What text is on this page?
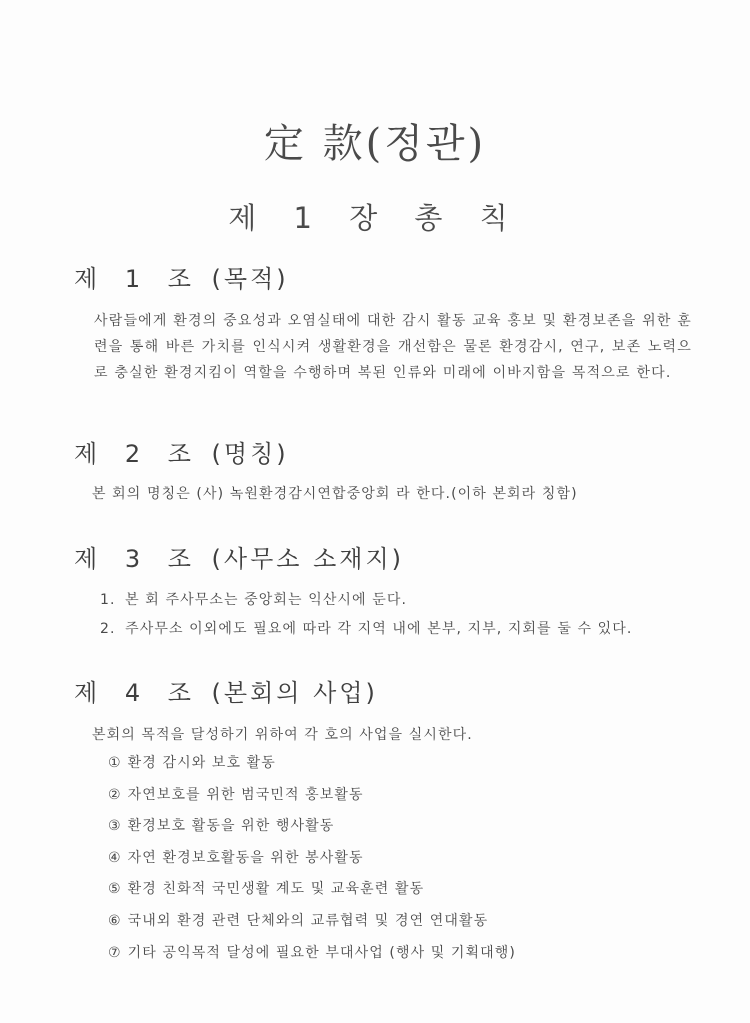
定 款(정관)
제 1 장 총 칙
제 1 조 (목적)

사람들에게 환경의 중요성과 오염실태에 대한 감시 활동 교육 홍보 및 환경보존을 위한 훈련을 통해 바른 가치를 인식시켜 생활환경을 개선함은 물론 환경감시, 연구, 보존 노력으로 충실한 환경지킴이 역할을 수행하며 복된 인류와 미래에 이바지함을 목적으로 한다.

제 2 조 (명칭)

본 회의 명칭은 (사) 녹원환경감시연합중앙회 라 한다.(이하 본회라 칭함)

제 3 조 (사무소 소재지)
1. 본 회 주사무소는 중앙회는 익산시에 둔다.
2. 주사무소 이외에도 필요에 따라 각 지역 내에 본부, 지부, 지회를 둘 수 있다.
제 4 조 (본회의 사업)

본회의 목적을 달성하기 위하여 각 호의 사업을 실시한다.

① 환경 감시와 보호 활동
② 자연보호를 위한 범국민적 홍보활동
③ 환경보호 활동을 위한 행사활동
④ 자연 환경보호활동을 위한 봉사활동
⑤ 환경 친화적 국민생활 계도 및 교육훈련 활동
⑥ 국내외 환경 관련 단체와의 교류협력 및 경연 연대활동
⑦ 기타 공익목적 달성에 필요한 부대사업 (행사 및 기획대행)
